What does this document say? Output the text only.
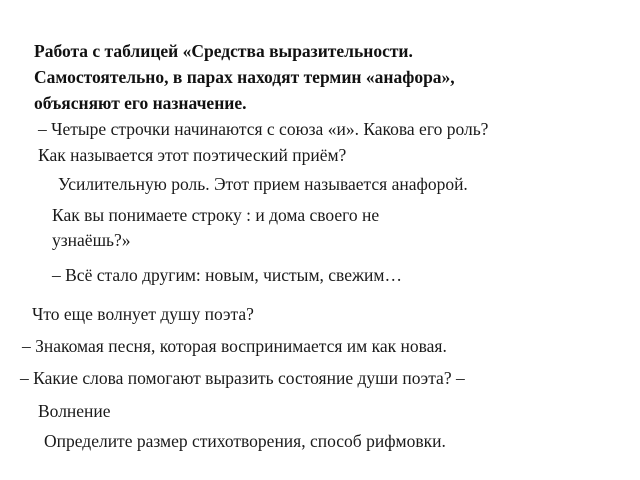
Работа с таблицей «Средства выразительности.
Самостоятельно, в парах находят термин «анафора»,
объясняют его назначение.
– Четыре строчки начинаются с союза «и». Какова его роль?
Как называется этот поэтический приём?
Усилительную роль. Этот прием называется анафорой.
Как вы понимаете строку : и дома своего не
узнаёшь?»
– Всё стало другим: новым, чистым, свежим…
Что еще волнует душу поэта?
– Знакомая песня, которая воспринимается им как новая.
– Какие слова помогают выразить состояние души поэта? –
Волнение
Определите размер стихотворения, способ рифмовки.
